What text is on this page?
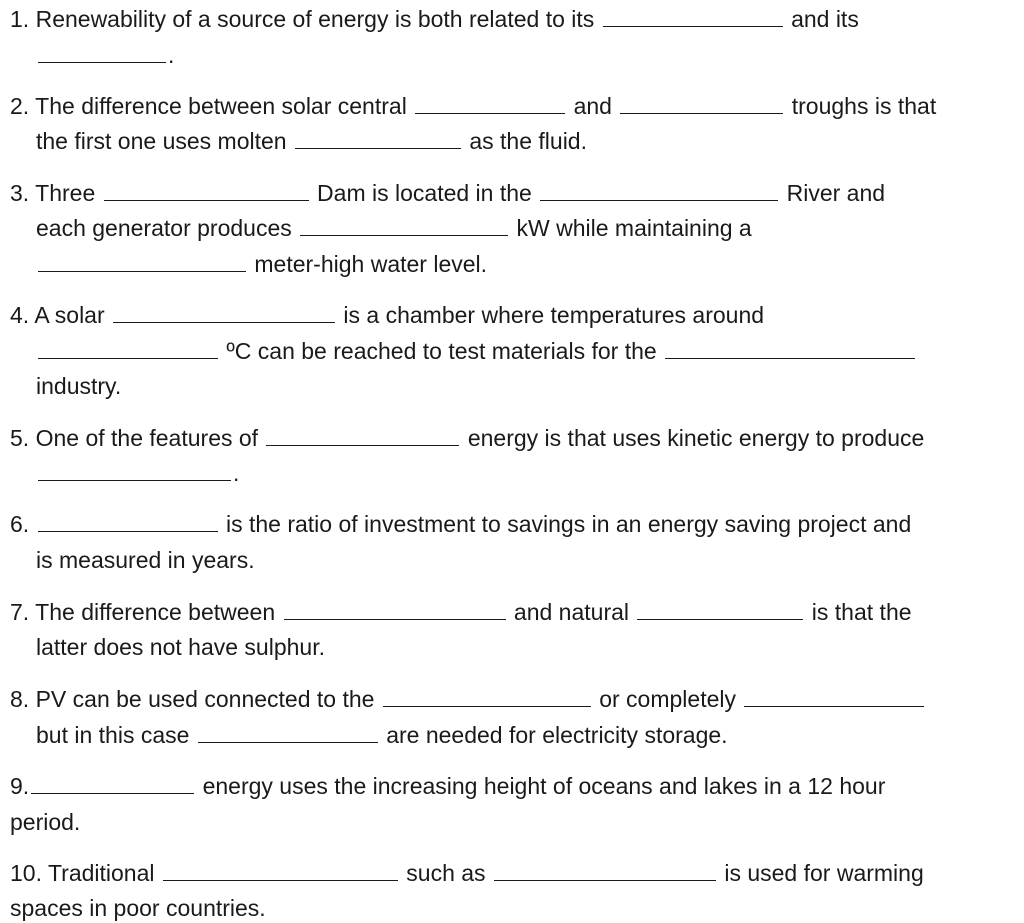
1. Renewability of a source of energy is both related to its	and its
.
2. The difference between solar central	and	troughs is that
the first one uses molten	as the fluid.
3. Three	Dam is located in the	River and
each generator produces	kW while maintaining a
meter-high water level.
4. A solar	is a chamber where temperatures around
ºC can be reached to test materials for the
industry.
5. One of the features of	energy is that uses kinetic energy to produce
.
6.	is the ratio of investment to savings in an energy saving project and
is measured in years.
7. The difference between	and natural	is that the
latter does not have sulphur.
8. PV can be used connected to the	or completely
but in this case	are needed for electricity storage.
9.	energy uses the increasing height of oceans and lakes in a 12 hour
period.
10. Traditional	such as	is used for warming
spaces in poor countries.
